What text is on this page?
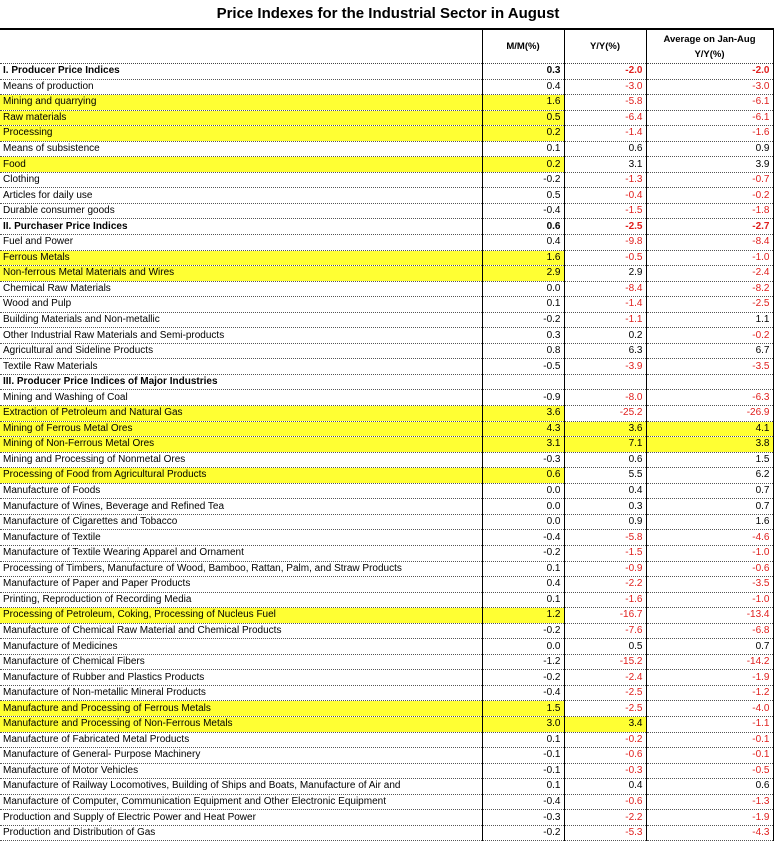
Price Indexes for the Industrial Sector in August
	M/M(%)	Y/Y(%)	Average on Jan-Aug
Y/Y(%)

I. Producer Price Indices	0.3	-2.0	-2.0
Means of production	0.4	-3.0	-3.0
Mining and quarrying	1.6	-5.8	-6.1
Raw materials	0.5	-6.4	-6.1
Processing	0.2	-1.4	-1.6
Means of subsistence	0.1	0.6	0.9
Food	0.2	3.1	3.9
Clothing	-0.2	-1.3	-0.7
Articles for daily use	0.5	-0.4	-0.2
Durable consumer goods	-0.4	-1.5	-1.8
II. Purchaser Price Indices	0.6	-2.5	-2.7
Fuel and Power	0.4	-9.8	-8.4
Ferrous Metals	1.6	-0.5	-1.0
Non-ferrous Metal Materials and Wires	2.9	2.9	-2.4
Chemical Raw Materials	0.0	-8.4	-8.2
Wood and Pulp	0.1	-1.4	-2.5
Building Materials and Non-metallic	-0.2	-1.1	1.1
Other Industrial Raw Materials and Semi-products	0.3	0.2	-0.2
Agricultural and Sideline Products	0.8	6.3	6.7
Textile Raw Materials	-0.5	-3.9	-3.5
III. Producer Price Indices of Major Industries			
Mining and Washing of Coal	-0.9	-8.0	-6.3
Extraction of Petroleum and Natural Gas	3.6	-25.2	-26.9
Mining of Ferrous Metal Ores	4.3	3.6	4.1
Mining of Non-Ferrous Metal Ores	3.1	7.1	3.8
Mining and Processing of Nonmetal Ores	-0.3	0.6	1.5
Processing of Food from Agricultural Products	0.6	5.5	6.2
Manufacture of Foods	0.0	0.4	0.7
Manufacture of Wines, Beverage and Refined Tea	0.0	0.3	0.7
Manufacture of Cigarettes and Tobacco	0.0	0.9	1.6
Manufacture of Textile	-0.4	-5.8	-4.6
Manufacture of Textile Wearing Apparel and Ornament	-0.2	-1.5	-1.0
Processing of Timbers, Manufacture of Wood, Bamboo, Rattan, Palm, and Straw Products	0.1	-0.9	-0.6
Manufacture of Paper and Paper Products	0.4	-2.2	-3.5
Printing, Reproduction of Recording Media	0.1	-1.6	-1.0
Processing of Petroleum, Coking, Processing of Nucleus Fuel	1.2	-16.7	-13.4
Manufacture of Chemical Raw Material and Chemical Products	-0.2	-7.6	-6.8
Manufacture of Medicines	0.0	0.5	0.7
Manufacture of Chemical Fibers	-1.2	-15.2	-14.2
Manufacture of Rubber and Plastics Products	-0.2	-2.4	-1.9
Manufacture of Non-metallic Mineral Products	-0.4	-2.5	-1.2
Manufacture and Processing of Ferrous Metals	1.5	-2.5	-4.0
Manufacture and Processing of Non-Ferrous Metals	3.0	3.4	-1.1
Manufacture of Fabricated Metal Products	0.1	-0.2	-0.1
Manufacture of General- Purpose Machinery	-0.1	-0.6	-0.1
Manufacture of Motor Vehicles	-0.1	-0.3	-0.5
Manufacture of Railway Locomotives, Building of Ships and Boats, Manufacture of Air and	0.1	0.4	0.6
Manufacture of Computer, Communication Equipment and Other Electronic Equipment	-0.4	-0.6	-1.3
Production and Supply of Electric Power and Heat Power	-0.3	-2.2	-1.9
Production and Distribution of Gas	-0.2	-5.3	-4.3
